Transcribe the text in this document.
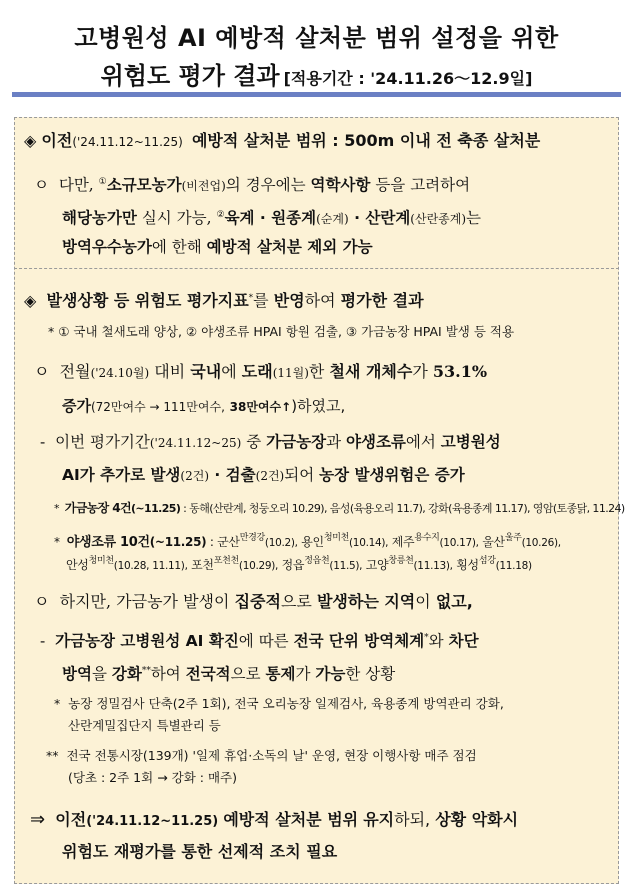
고병원성 AI 예방적 살처분 범위 설정을 위한
위험도 평가 결과 [적용기간 : '24.11.26～12.9일]
◈ 이전('24.11.12~11.25) 예방적 살처분 범위 : 500m 이내 전 축종 살처분
ㅇ 다만, ①소규모농가(비전업)의 경우에는 역학사항 등을 고려하여
해당농가만 실시 가능, ②육계 · 원종계(순계) · 산란계(산란종계)는
방역우수농가에 한해 예방적 살처분 제외 가능
◈ 발생상황 등 위험도 평가지표*를 반영하여 평가한 결과
* ① 국내 철새도래 양상, ② 야생조류 HPAI 항원 검출, ③ 가금농장 HPAI 발생 등 적용
ㅇ 전월('24.10월) 대비 국내에 도래(11월)한 철새 개체수가 53.1%
증가(72만여수 → 111만여수, 38만여수↑)하였고,
- 이번 평가기간('24.11.12~25) 중 가금농장과 야생조류에서 고병원성
AI가 추가로 발생(2건) · 검출(2건)되어 농장 발생위험은 증가
* 가금농장 4건(~11.25) : 동해(산란계, 청둥오리 10.29), 음성(육용오리 11.7), 강화(육용종계 11.17), 영암(토종닭, 11.24)
* 야생조류 10건(~11.25) : 군산$^{만경강}$(10.2), 용인$^{청미천}$(10.14), 제주$^{용수지}$(10.17), 울산$^{울주}$(10.26),
안성$^{청미천}$(10.28, 11.11), 포천$^{포천천}$(10.29), 정읍$^{정읍천}$(11.5), 고양$^{창릉천}$(11.13), 횡성$^{섬강}$(11.18)
ㅇ 하지만, 가금농가 발생이 집중적으로 발생하는 지역이 없고,
- 가금농장 고병원성 AI 확진에 따른 전국 단위 방역체계*와 차단
방역을 강화**하여 전국적으로 통제가 가능한 상황
* 농장 정밀검사 단축(2주 1회), 전국 오리농장 일제검사, 육용종계 방역관리 강화,
산란계밀집단지 특별관리 등
** 전국 전통시장(139개) '일제 휴업·소독의 날' 운영, 현장 이행사항 매주 점검
(당초 : 2주 1회 → 강화 : 매주)
⇒ 이전('24.11.12~11.25) 예방적 살처분 범위 유지하되, 상황 악화시
위험도 재평가를 통한 선제적 조치 필요
